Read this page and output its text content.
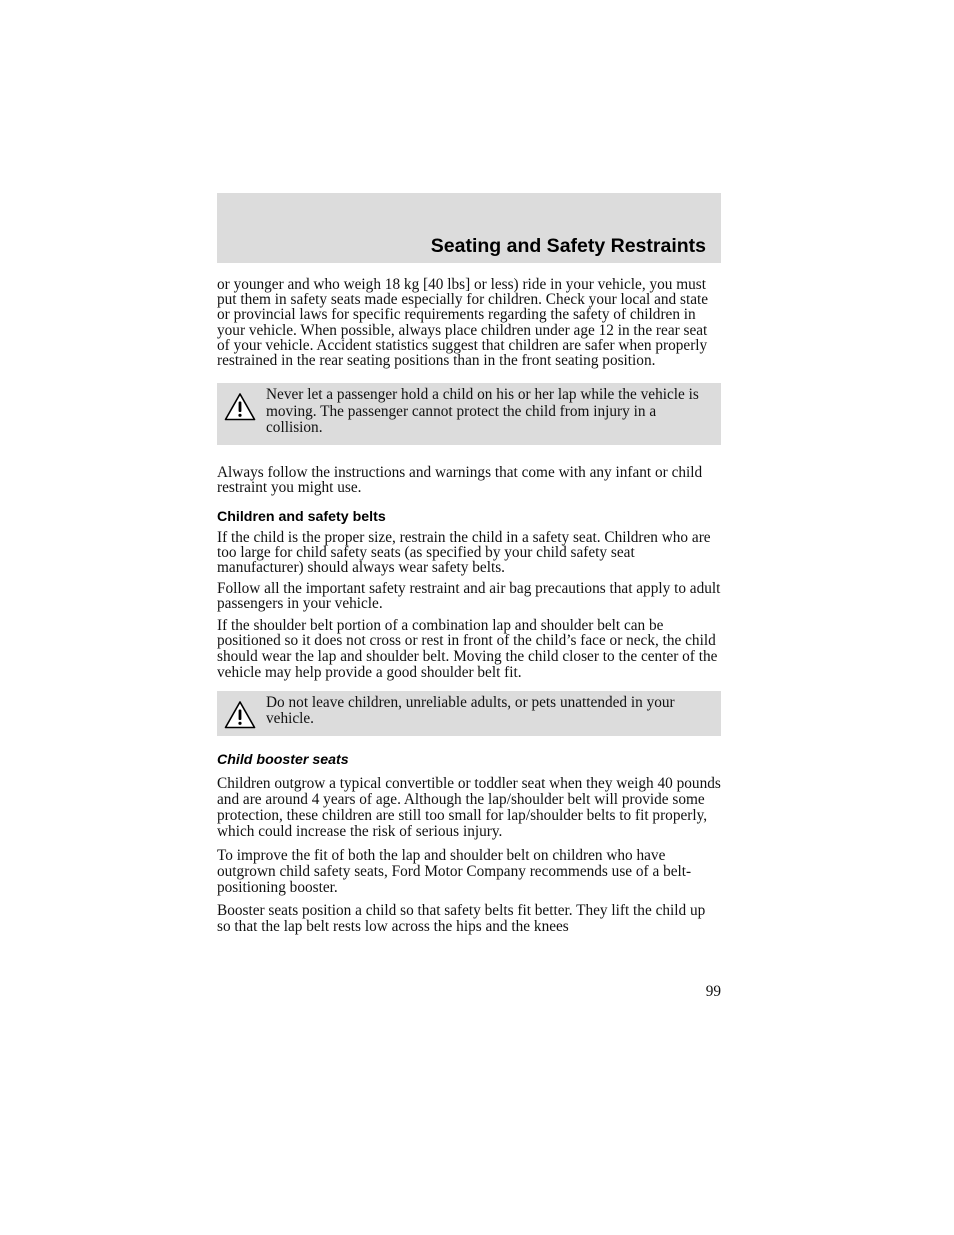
Seating and Safety Restraints

or younger and who weigh 18 kg [40 lbs] or less) ride in your vehicle, you must put them in safety seats made especially for children. Check your local and state or provincial laws for specific requirements regarding the safety of children in your vehicle. When possible, always place children under age 12 in the rear seat of your vehicle. Accident statistics suggest that children are safer when properly restrained in the rear seating positions than in the front seating position.

Never let a passenger hold a child on his or her lap while the vehicle is moving. The passenger cannot protect the child from injury in a collision.

Always follow the instructions and warnings that come with any infant or child restraint you might use.

Children and safety belts

If the child is the proper size, restrain the child in a safety seat. Children who are too large for child safety seats (as specified by your child safety seat manufacturer) should always wear safety belts.

Follow all the important safety restraint and air bag precautions that apply to adult passengers in your vehicle.

If the shoulder belt portion of a combination lap and shoulder belt can be positioned so it does not cross or rest in front of the child’s face or neck, the child should wear the lap and shoulder belt. Moving the child closer to the center of the vehicle may help provide a good shoulder belt fit.

Do not leave children, unreliable adults, or pets unattended in your vehicle.

Child booster seats

Children outgrow a typical convertible or toddler seat when they weigh 40 pounds and are around 4 years of age. Although the lap/shoulder belt will provide some protection, these children are still too small for lap/shoulder belts to fit properly, which could increase the risk of serious injury.

To improve the fit of both the lap and shoulder belt on children who have outgrown child safety seats, Ford Motor Company recommends use of a belt-positioning booster.

Booster seats position a child so that safety belts fit better. They lift the child up so that the lap belt rests low across the hips and the knees

99
